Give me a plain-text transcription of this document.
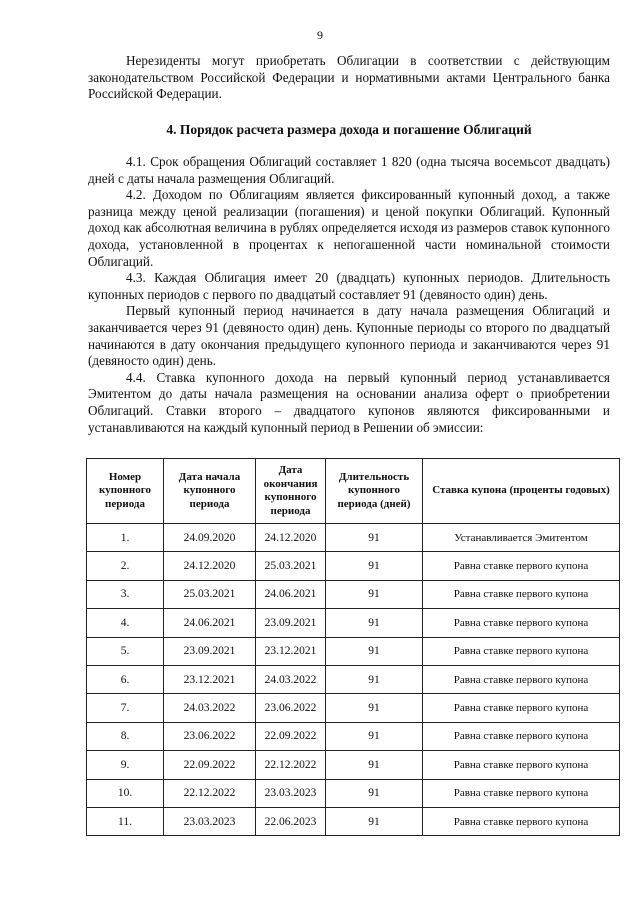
9

Нерезиденты могут приобретать Облигации в соответствии с действующим законодательством Российской Федерации и нормативными актами Центрального банка Российской Федерации.

4. Порядок расчета размера дохода и погашение Облигаций

4.1. Срок обращения Облигаций составляет 1 820 (одна тысяча восемьсот двадцать) дней с даты начала размещения Облигаций.

4.2. Доходом по Облигациям является фиксированный купонный доход, а также разница между ценой реализации (погашения) и ценой покупки Облигаций. Купонный доход как абсолютная величина в рублях определяется исходя из размеров ставок купонного дохода, установленной в процентах к непогашенной части номинальной стоимости Облигаций.

4.3. Каждая Облигация имеет 20 (двадцать) купонных периодов. Длительность купонных периодов с первого по двадцатый составляет 91 (девяносто один) день.

Первый купонный период начинается в дату начала размещения Облигаций и заканчивается через 91 (девяносто один) день. Купонные периоды со второго по двадцатый начинаются в дату окончания предыдущего купонного периода и заканчиваются через 91 (девяносто один) день.

4.4. Ставка купонного дохода на первый купонный период устанавливается Эмитентом до даты начала размещения на основании анализа оферт о приобретении Облигаций. Ставки второго – двадцатого купонов являются фиксированными и устанавливаются на каждый купонный период в Решении об эмиссии:

Номер купонного периода	Дата начала купонного периода	Дата окончания купонного периода	Длительность купонного периода (дней)	Ставка купона (проценты годовых)
1.	24.09.2020	24.12.2020	91	Устанавливается Эмитентом
2.	24.12.2020	25.03.2021	91	Равна ставке первого купона
3.	25.03.2021	24.06.2021	91	Равна ставке первого купона
4.	24.06.2021	23.09.2021	91	Равна ставке первого купона
5.	23.09.2021	23.12.2021	91	Равна ставке первого купона
6.	23.12.2021	24.03.2022	91	Равна ставке первого купона
7.	24.03.2022	23.06.2022	91	Равна ставке первого купона
8.	23.06.2022	22.09.2022	91	Равна ставке первого купона
9.	22.09.2022	22.12.2022	91	Равна ставке первого купона
10.	22.12.2022	23.03.2023	91	Равна ставке первого купона
11.	23.03.2023	22.06.2023	91	Равна ставке первого купона
